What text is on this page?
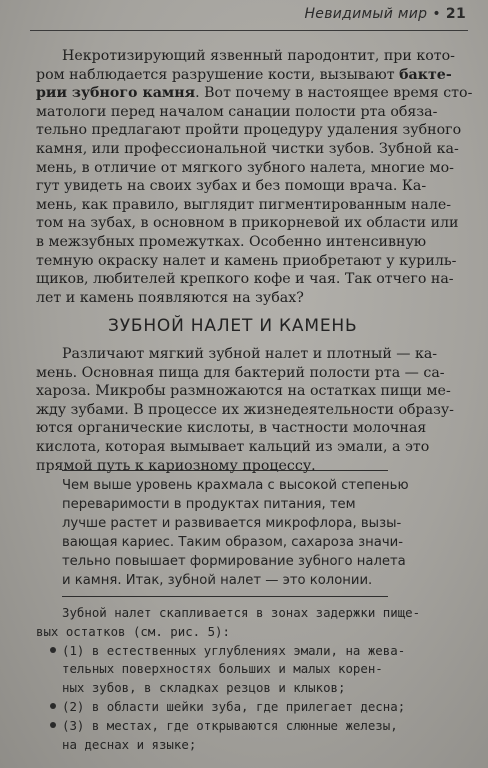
Невидимый мир • 21
Некротизирующий язвенный пародонтит, при кото-
ром наблюдается разрушение кости, вызывают бакте-
рии зубного камня. Вот почему в настоящее время сто-
матологи перед началом санации полости рта обяза-
тельно предлагают пройти процедуру удаления зубного
камня, или профессиональной чистки зубов. Зубной ка-
мень, в отличие от мягкого зубного налета, многие мо-
гут увидеть на своих зубах и без помощи врача. Ка-
мень, как правило, выглядит пигментированным нале-
том на зубах, в основном в прикорневой их области или
в межзубных промежутках. Особенно интенсивную
темную окраску налет и камень приобретают у куриль-
щиков, любителей крепкого кофе и чая. Так отчего на-
лет и камень появляются на зубах?
ЗУБНОЙ НАЛЕТ И КАМЕНЬ
Различают мягкий зубной налет и плотный — ка-
мень. Основная пища для бактерий полости рта — са-
хароза. Микробы размножаются на остатках пищи ме-
жду зубами. В процессе их жизнедеятельности образу-
ются органические кислоты, в частности молочная
кислота, которая вымывает кальций из эмали, а это
прямой путь к кариозному процессу.
Чем выше уровень крахмала с высокой степенью
переваримости в продуктах питания, тем
лучше растет и развивается микрофлора, вызы-
вающая кариес. Таким образом, сахароза значи-
тельно повышает формирование зубного налета
и камня. Итак, зубной налет — это колонии.
Зубной налет скапливается в зонах задержки пище-
вых остатков (см. рис. 5):
(1) в естественных углублениях эмали, на жева-
тельных поверхностях больших и малых корен-
ных зубов, в складках резцов и клыков;
(2) в области шейки зуба, где прилегает десна;
(3) в местах, где открываются слюнные железы,
на деснах и языке;
